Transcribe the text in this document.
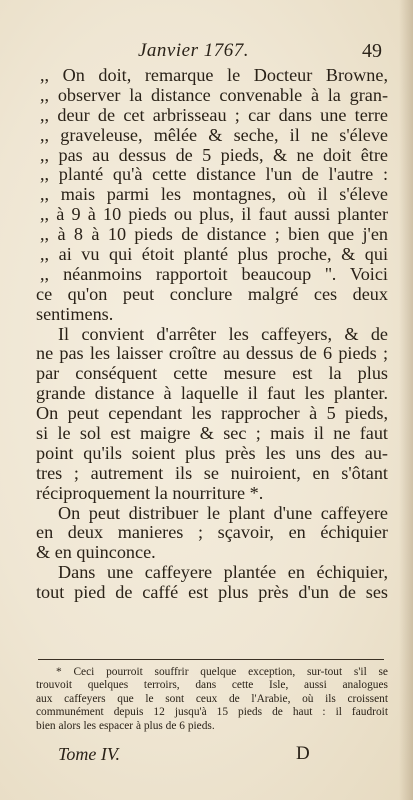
Janvier 1767.	49
,, On doit, remarque le Docteur Browne,
,, observer la distance convenable à la gran-
,, deur de cet arbrisseau ; car dans une terre
,, graveleuse, mêlée & seche, il ne s'éleve
,, pas au dessus de 5 pieds, & ne doit être
,, planté qu'à cette distance l'un de l'autre :
,, mais parmi les montagnes, où il s'éleve
,, à 9 à 10 pieds ou plus, il faut aussi planter
,, à 8 à 10 pieds de distance ; bien que j'en
,, ai vu qui étoit planté plus proche, & qui
,, néanmoins rapportoit beaucoup ''. Voici
ce qu'on peut conclure malgré ces deux
sentimens.
Il convient d'arrêter les caffeyers, & de
ne pas les laisser croître au dessus de 6 pieds ;
par conséquent cette mesure est la plus
grande distance à laquelle il faut les planter.
On peut cependant les rapprocher à 5 pieds,
si le sol est maigre & sec ; mais il ne faut
point qu'ils soient plus près les uns des au-
tres ; autrement ils se nuiroient, en s'ôtant
réciproquement la nourriture *.
On peut distribuer le plant d'une caffeyere
en deux manieres ; sçavoir, en échiquier
& en quinconce.
Dans une caffeyere plantée en échiquier,
tout pied de caffé est plus près d'un de ses
* Ceci pourroit souffrir quelque exception, sur-tout s'il se
trouvoit quelques terroirs, dans cette Isle, aussi analogues
aux caffeyers que le sont ceux de l'Arabie, où ils croissent
communément depuis 12 jusqu'à 15 pieds de haut : il faudroit
bien alors les espacer à plus de 6 pieds.
Tome IV.	D
